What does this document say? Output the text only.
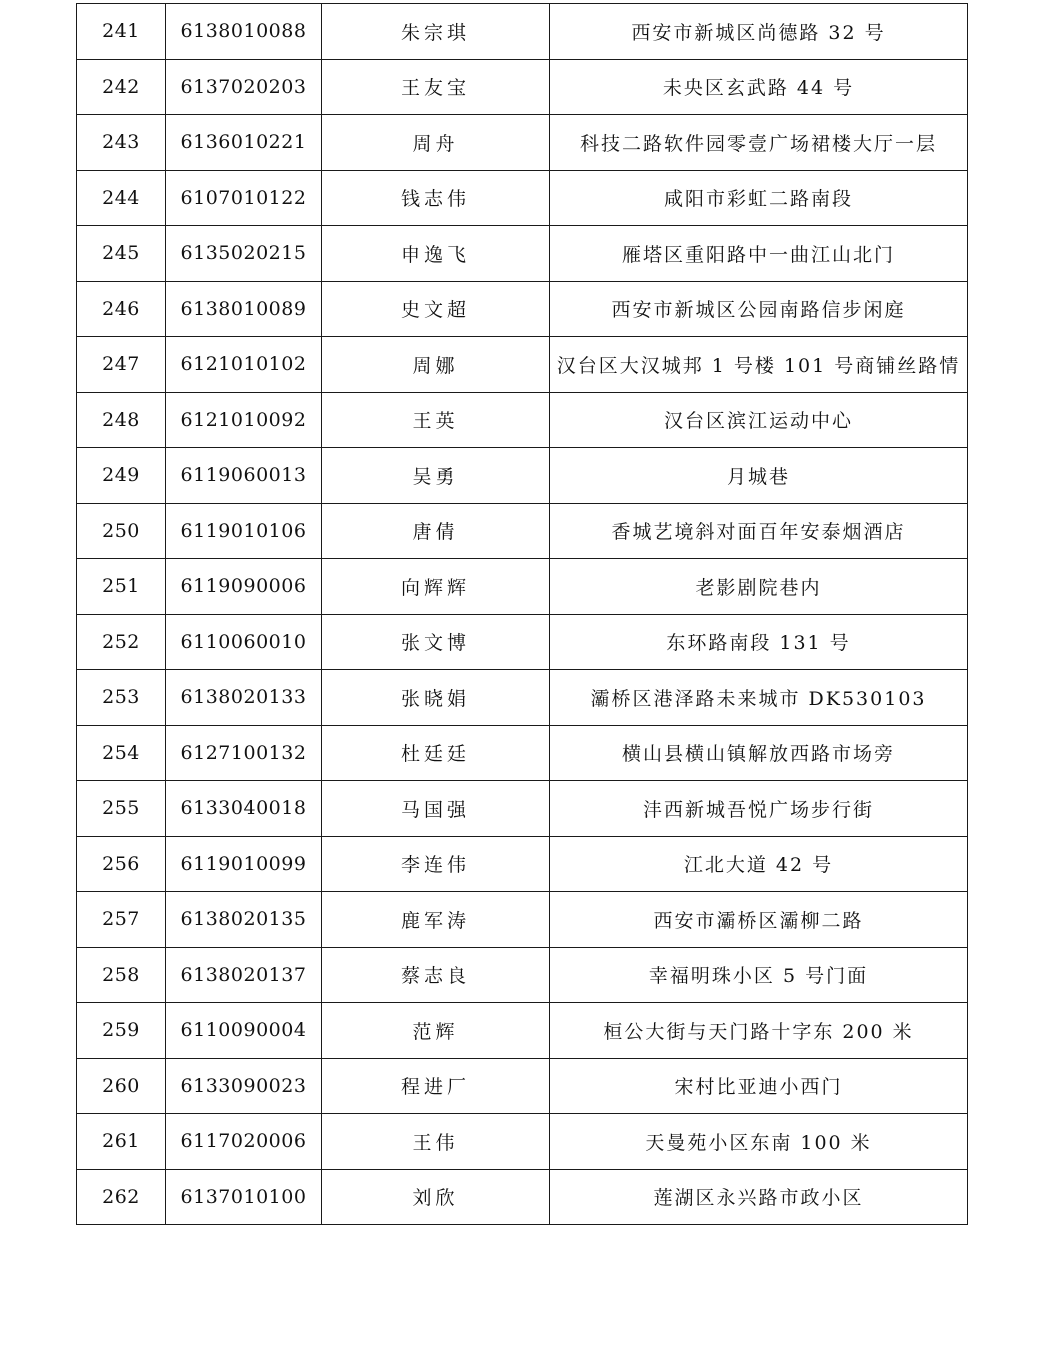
241	6138010088	朱宗琪	西安市新城区尚德路 32 号
242	6137020203	王友宝	未央区玄武路 44 号
243	6136010221	周舟	科技二路软件园零壹广场裙楼大厅一层
244	6107010122	钱志伟	咸阳市彩虹二路南段
245	6135020215	申逸飞	雁塔区重阳路中一曲江山北门
246	6138010089	史文超	西安市新城区公园南路信步闲庭
247	6121010102	周娜	汉台区大汉城邦 1 号楼 101 号商铺丝路情
248	6121010092	王英	汉台区滨江运动中心
249	6119060013	吴勇	月城巷
250	6119010106	唐倩	香城艺境斜对面百年安泰烟酒店
251	6119090006	向辉辉	老影剧院巷内
252	6110060010	张文博	东环路南段 131 号
253	6138020133	张晓娟	灞桥区港泽路未来城市 DK530103
254	6127100132	杜廷廷	横山县横山镇解放西路市场旁
255	6133040018	马国强	沣西新城吾悦广场步行街
256	6119010099	李连伟	江北大道 42 号
257	6138020135	鹿军涛	西安市灞桥区灞柳二路
258	6138020137	蔡志良	幸福明珠小区 5 号门面
259	6110090004	范辉	桓公大街与天门路十字东 200 米
260	6133090023	程进厂	宋村比亚迪小西门
261	6117020006	王伟	天曼苑小区东南 100 米
262	6137010100	刘欣	莲湖区永兴路市政小区
